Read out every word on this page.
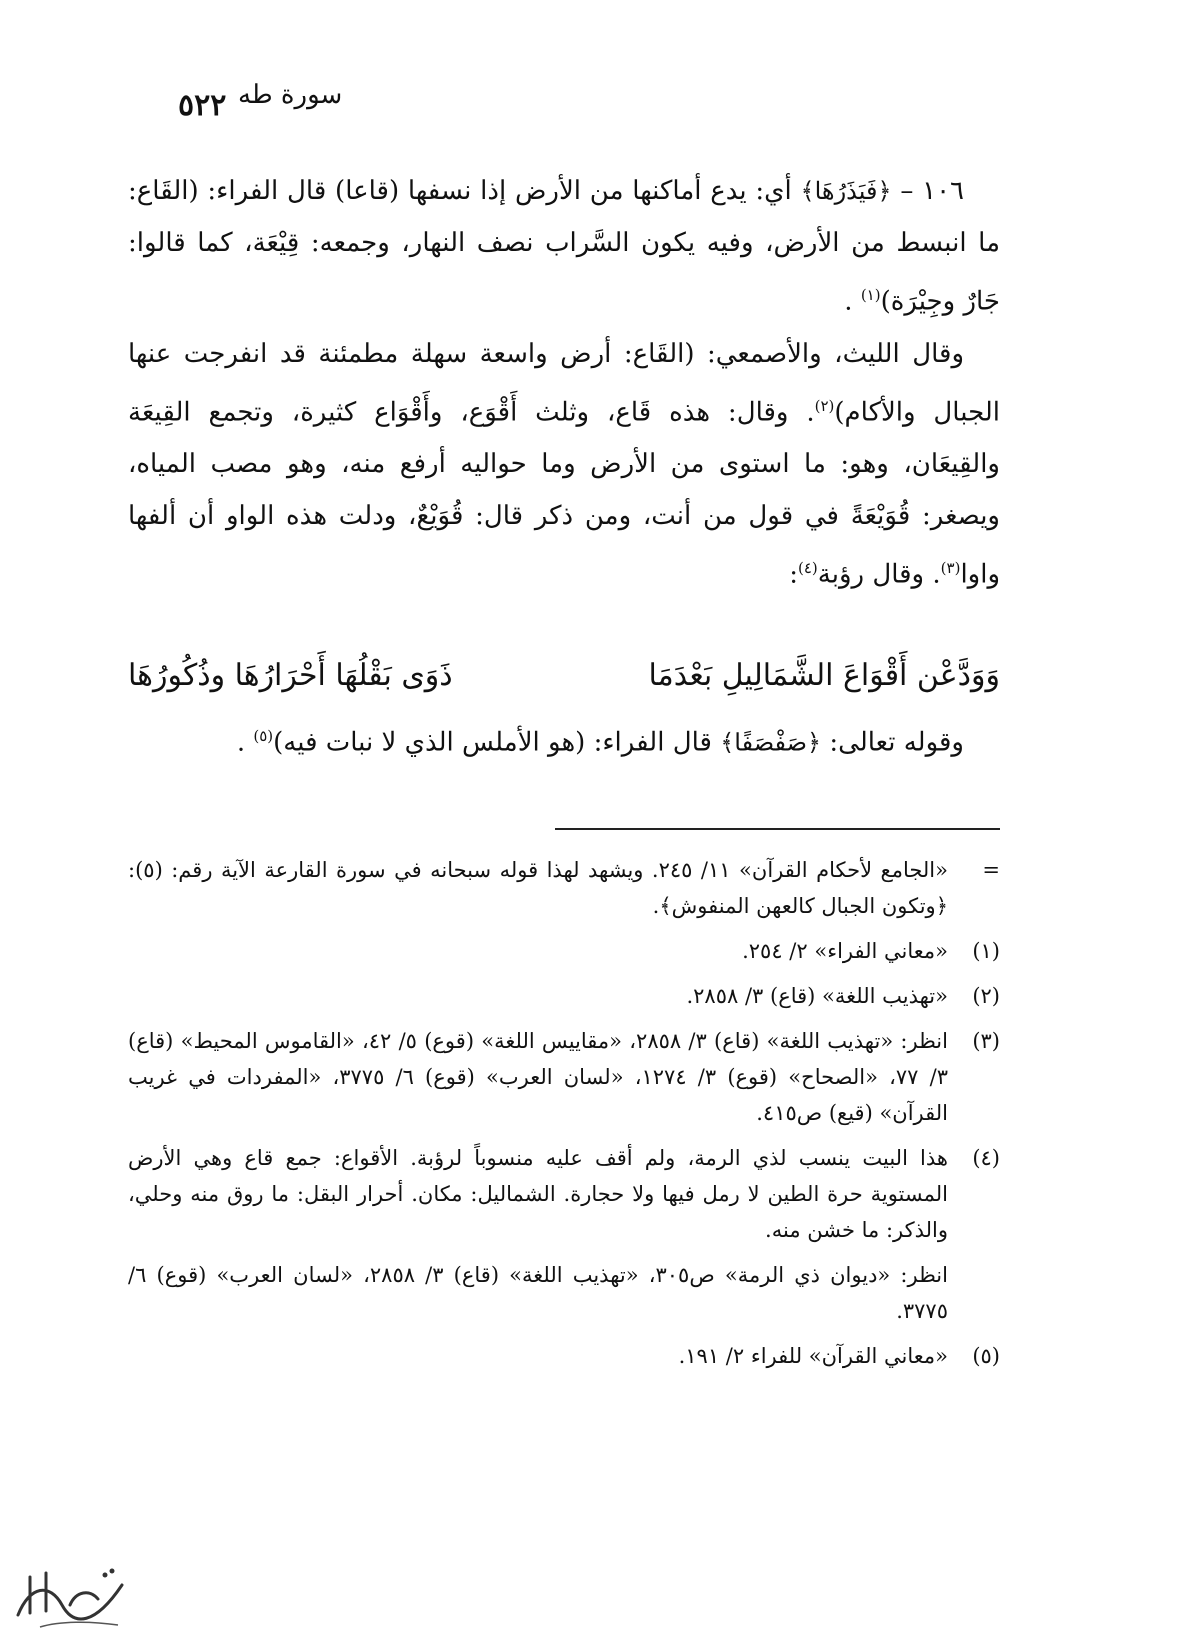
٥٢٢ سورة طه

١٠٦ – ﴿فَيَذَرُهَا﴾ أي: يدع أماكنها من الأرض إذا نسفها (قاعا) قال الفراء: (القَاع: ما انبسط من الأرض، وفيه يكون السَّراب نصف النهار، وجمعه: قِيْعَة، كما قالوا: جَارٌ وجِيْرَة)$^{(١)}$ .

وقال الليث، والأصمعي: (القَاع: أرض واسعة سهلة مطمئنة قد انفرجت عنها الجبال والأكام)$^{(٢)}$. وقال: هذه قَاع، وثلث أَقْوَع، وأَقْوَاع كثيرة، وتجمع القِيعَة والقِيعَان، وهو: ما استوى من الأرض وما حواليه أرفع منه، وهو مصب المياه، ويصغر: قُوَيْعَةً في قول من أنت، ومن ذكر قال: قُوَيْعٌ، ودلت هذه الواو أن ألفها واوا$^{(٣)}$. وقال رؤبة$^{(٤)}$:

وَوَدَّعْن أَقْوَاعَ الشَّمَالِيلِ بَعْدَمَا
ذَوَى بَقْلُهَا أَحْرَارُهَا وذُكُورُهَا

وقوله تعالى: ﴿صَفْصَفًا﴾ قال الفراء: (هو الأملس الذي لا نبات فيه)$^{(٥)}$ .

=
«الجامع لأحكام القرآن» ١١/ ٢٤٥. ويشهد لهذا قوله سبحانه في سورة القارعة الآية رقم: (٥): ﴿وتكون الجبال كالعهن المنفوش﴾.
(١)
«معاني الفراء» ٢/ ٢٥٤.
(٢)
«تهذيب اللغة» (قاع) ٣/ ٢٨٥٨.
(٣)
انظر: «تهذيب اللغة» (قاع) ٣/ ٢٨٥٨، «مقاييس اللغة» (قوع) ٥/ ٤٢، «القاموس المحيط» (قاع) ٣/ ٧٧، «الصحاح» (قوع) ٣/ ١٢٧٤، «لسان العرب» (قوع) ٦/ ٣٧٧٥، «المفردات في غريب القرآن» (قيع) ص٤١٥.
(٤)
هذا البيت ينسب لذي الرمة، ولم أقف عليه منسوباً لرؤبة. الأقواع: جمع قاع وهي الأرض المستوية حرة الطين لا رمل فيها ولا حجارة. الشماليل: مكان. أحرار البقل: ما روق منه وحلي، والذكر: ما خشن منه.
انظر: «ديوان ذي الرمة» ص٣٠٥، «تهذيب اللغة» (قاع) ٣/ ٢٨٥٨، «لسان العرب» (قوع) ٦/ ٣٧٧٥.
(٥)
«معاني القرآن» للفراء ٢/ ١٩١.
